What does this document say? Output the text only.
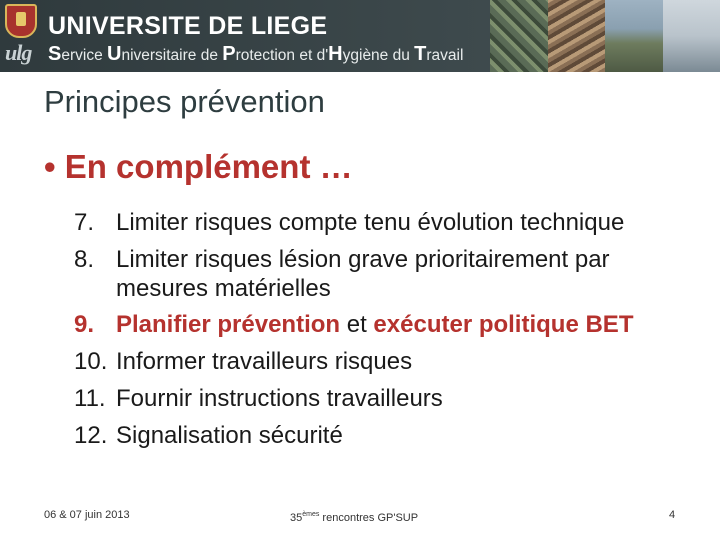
ulg
UNIVERSITE DE LIEGE
Service Universitaire de Protection et d'Hygiène du Travail
Principes prévention
• En complément …
7. Limiter risques compte tenu évolution technique
8. Limiter risques lésion grave prioritairement par mesures matérielles
9. Planifier prévention et exécuter politique BET
10. Informer travailleurs risques
11. Fournir instructions travailleurs
12. Signalisation sécurité
06 & 07 juin 2013	35èmes rencontres GP'SUP	4
